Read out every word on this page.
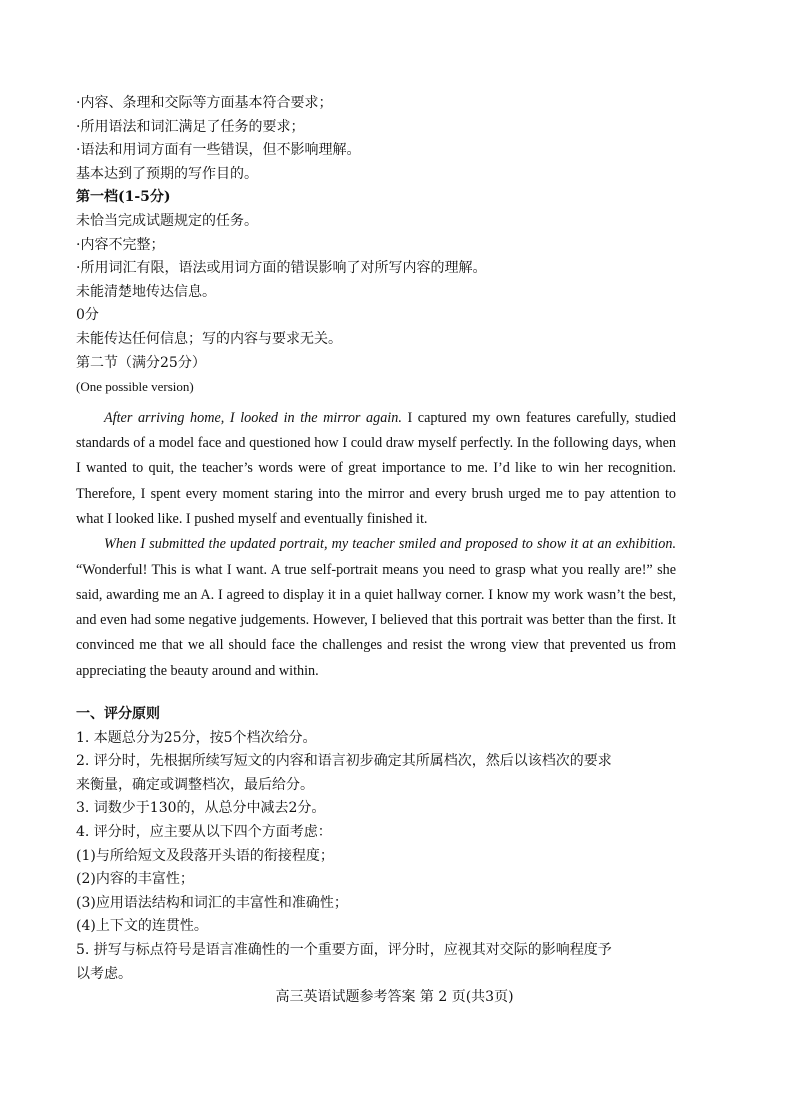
·内容、条理和交际等方面基本符合要求；
·所用语法和词汇满足了任务的要求；
·语法和用词方面有一些错误，但不影响理解。
基本达到了预期的写作目的。
第一档(1-5分)
未恰当完成试题规定的任务。
·内容不完整；
·所用词汇有限，语法或用词方面的错误影响了对所写内容的理解。
未能清楚地传达信息。
0分
未能传达任何信息；写的内容与要求无关。
第二节（满分25分）
(One possible version)

After arriving home, I looked in the mirror again. I captured my own features carefully, studied standards of a model face and questioned how I could draw myself perfectly. In the following days, when I wanted to quit, the teacher’s words were of great importance to me. I’d like to win her recognition. Therefore, I spent every moment staring into the mirror and every brush urged me to pay attention to what I looked like. I pushed myself and eventually finished it.

When I submitted the updated portrait, my teacher smiled and proposed to show it at an exhibition. “Wonderful! This is what I want. A true self-portrait means you need to grasp what you really are!” she said, awarding me an A. I agreed to display it in a quiet hallway corner. I know my work wasn’t the best, and even had some negative judgements. However, I believed that this portrait was better than the first. It convinced me that we all should face the challenges and resist the wrong view that prevented us from appreciating the beauty around and within.

一、评分原则
1. 本题总分为25分，按5个档次给分。
2. 评分时，先根据所续写短文的内容和语言初步确定其所属档次，然后以该档次的要求
来衡量，确定或调整档次，最后给分。
3. 词数少于130的，从总分中减去2分。
4. 评分时，应主要从以下四个方面考虑：
(1)与所给短文及段落开头语的衔接程度；
(2)内容的丰富性；
(3)应用语法结构和词汇的丰富性和准确性；
(4)上下文的连贯性。
5. 拼写与标点符号是语言准确性的一个重要方面，评分时，应视其对交际的影响程度予
以考虑。
高三英语试题参考答案 第 2 页(共3页)
